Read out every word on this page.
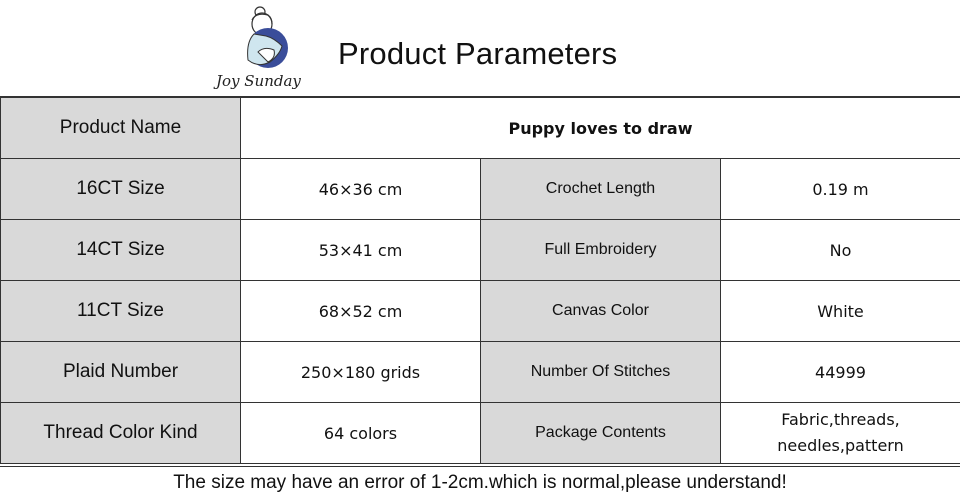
Joy Sunday
Product Parameters
Product Name	Puppy loves to draw		
16CT Size	46×36 cm	Crochet Length	0.19 m
14CT Size	53×41 cm	Full Embroidery	No
11CT Size	68×52 cm	Canvas Color	White
Plaid Number	250×180 grids	Number Of Stitches	44999
Thread Color Kind	64 colors	Package Contents	Fabric,threads,
needles,pattern
The size may have an error of 1-2cm.which is normal,please understand!
